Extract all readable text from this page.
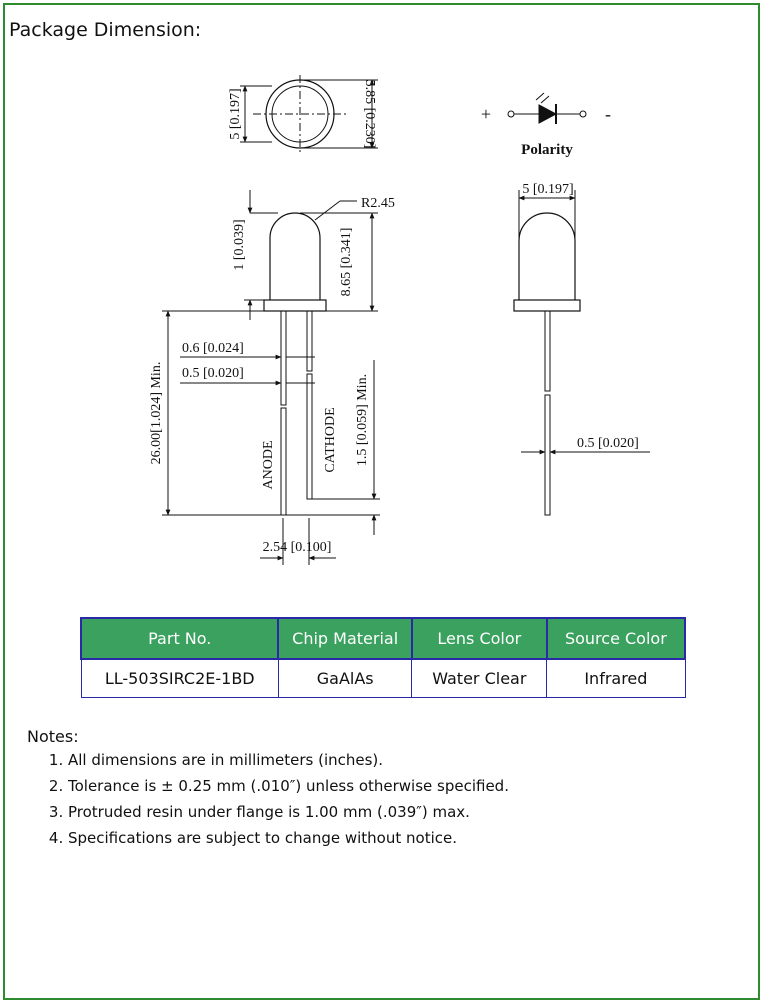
Package Dimension:
5 [0.197]	5.85 [0.230]	+	-
Polarity
R2.45
1 [0.039]	8.65 [0.341]
0.6 [0.024]
0.5 [0.020]
26.00[1.024] Min.	1.5 [0.059] Min.
ANODE	CATHODE
2.54 [0.100]
5 [0.197]
0.5 [0.020]
Part No.	Chip Material	Lens Color	Source Color
LL-503SIRC2E-1BD	GaAlAs	Water Clear	Infrared
Notes:
1. All dimensions are in millimeters (inches).
2. Tolerance is ± 0.25 mm (.010″) unless otherwise specified.
3. Protruded resin under flange is 1.00 mm (.039″) max.
4. Specifications are subject to change without notice.
